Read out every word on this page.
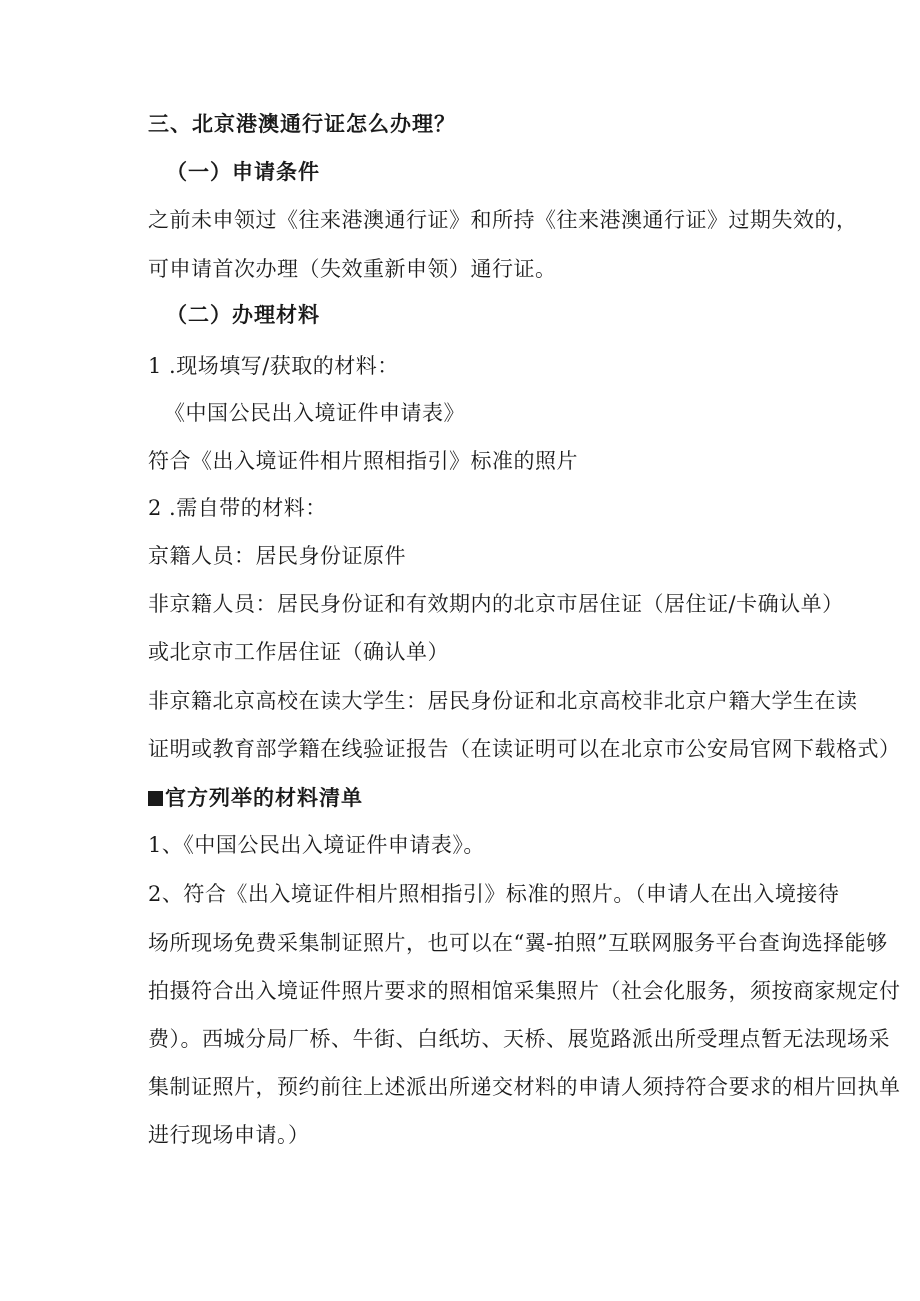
三、北京港澳通行证怎么办理？
（一）申请条件
之前未申领过《往来港澳通行证》和所持《往来港澳通行证》过期失效的，
可申请首次办理（失效重新申领）通行证。
（二）办理材料
1 .现场填写/获取的材料：
《中国公民出入境证件申请表》
符合《出入境证件相片照相指引》标准的照片
2 .需自带的材料：
京籍人员：居民身份证原件
非京籍人员：居民身份证和有效期内的北京市居住证（居住证/卡确认单）
或北京市工作居住证（确认单）
非京籍北京高校在读大学生：居民身份证和北京高校非北京户籍大学生在读
证明或教育部学籍在线验证报告（在读证明可以在北京市公安局官网下载格式）
官方列举的材料清单
1、《中国公民出入境证件申请表》。
2、符合《出入境证件相片照相指引》标准的照片。（申请人在出入境接待
场所现场免费采集制证照片，也可以在“翼-拍照”互联网服务平台查询选择能够
拍摄符合出入境证件照片要求的照相馆采集照片（社会化服务，须按商家规定付
费）。西城分局厂桥、牛街、白纸坊、天桥、展览路派出所受理点暂无法现场采
集制证照片，预约前往上述派出所递交材料的申请人须持符合要求的相片回执单
进行现场申请。）
